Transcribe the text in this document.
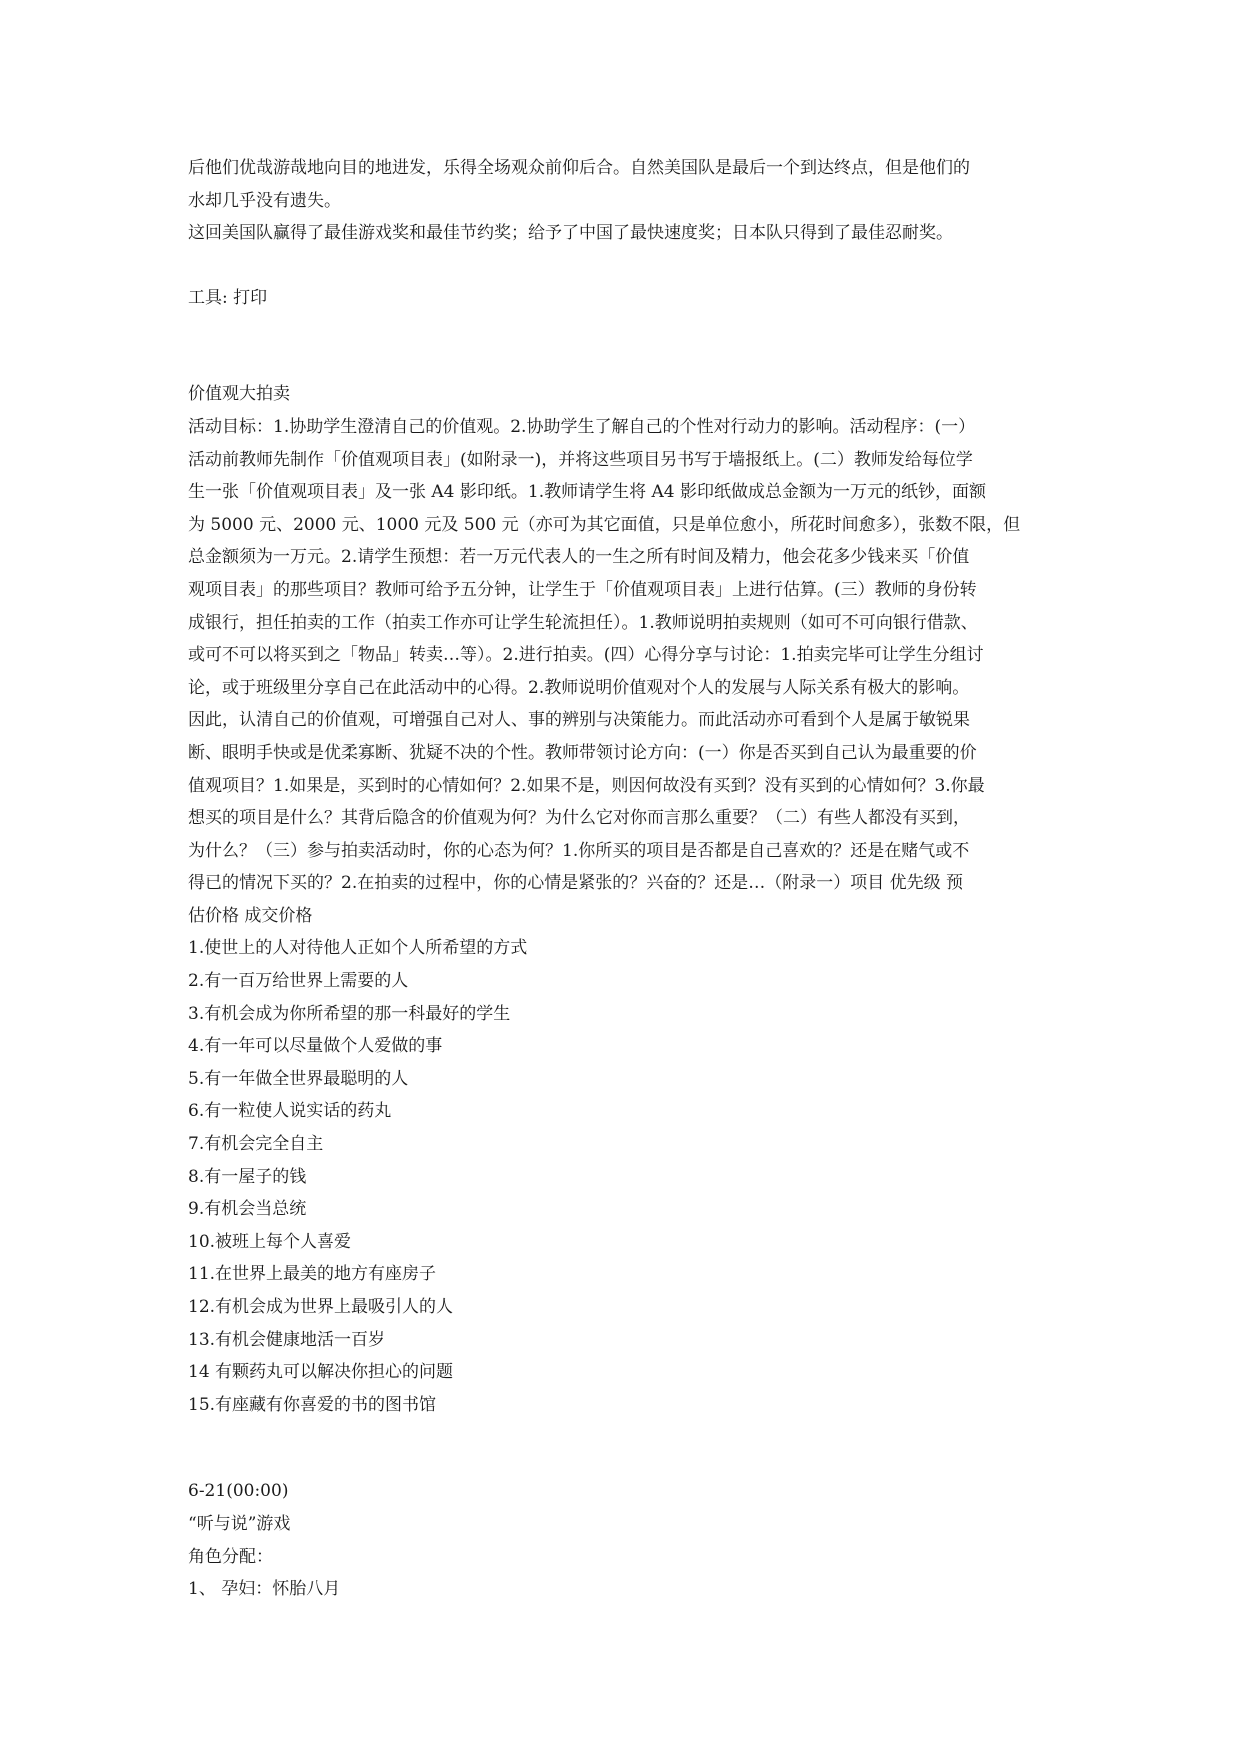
后他们优哉游哉地向目的地进发，乐得全场观众前仰后合。自然美国队是最后一个到达终点，但是他们的
水却几乎没有遗失。
这回美国队赢得了最佳游戏奖和最佳节约奖；给予了中国了最快速度奖；日本队只得到了最佳忍耐奖。
工具: 打印
价值观大拍卖
活动目标：1.协助学生澄清自己的价值观。2.协助学生了解自己的个性对行动力的影响。活动程序：(一）
活动前教师先制作「价值观项目表」(如附录一)，并将这些项目另书写于墙报纸上。(二）教师发给每位学
生一张「价值观项目表」及一张 A4 影印纸。1.教师请学生将 A4 影印纸做成总金额为一万元的纸钞，面额
为 5000 元、2000 元、1000 元及 500 元（亦可为其它面值，只是单位愈小，所花时间愈多），张数不限，但
总金额须为一万元。2.请学生预想：若一万元代表人的一生之所有时间及精力，他会花多少钱来买「价值
观项目表」的那些项目？教师可给予五分钟，让学生于「价值观项目表」上进行估算。(三）教师的身份转
成银行，担任拍卖的工作（拍卖工作亦可让学生轮流担任）。1.教师说明拍卖规则（如可不可向银行借款、
或可不可以将买到之「物品」转卖…等）。2.进行拍卖。(四）心得分享与讨论：1.拍卖完毕可让学生分组讨
论，或于班级里分享自己在此活动中的心得。2.教师说明价值观对个人的发展与人际关系有极大的影响。
因此，认清自己的价值观，可增强自己对人、事的辨别与决策能力。而此活动亦可看到个人是属于敏锐果
断、眼明手快或是优柔寡断、犹疑不决的个性。教师带领讨论方向：(一）你是否买到自己认为最重要的价
值观项目？1.如果是，买到时的心情如何？2.如果不是，则因何故没有买到？没有买到的心情如何？3.你最
想买的项目是什么？其背后隐含的价值观为何？为什么它对你而言那么重要？（二）有些人都没有买到，
为什么？（三）参与拍卖活动时，你的心态为何？1.你所买的项目是否都是自己喜欢的？还是在赌气或不
得已的情况下买的？2.在拍卖的过程中，你的心情是紧张的？兴奋的？还是…（附录一）项目 优先级 预
估价格 成交价格
1.使世上的人对待他人正如个人所希望的方式
2.有一百万给世界上需要的人
3.有机会成为你所希望的那一科最好的学生
4.有一年可以尽量做个人爱做的事
5.有一年做全世界最聪明的人
6.有一粒使人说实话的药丸
7.有机会完全自主
8.有一屋子的钱
9.有机会当总统
10.被班上每个人喜爱
11.在世界上最美的地方有座房子
12.有机会成为世界上最吸引人的人
13.有机会健康地活一百岁
14 有颗药丸可以解决你担心的问题
15.有座藏有你喜爱的书的图书馆
6-21(00:00)
“听与说”游戏
角色分配：
1、 孕妇：怀胎八月
